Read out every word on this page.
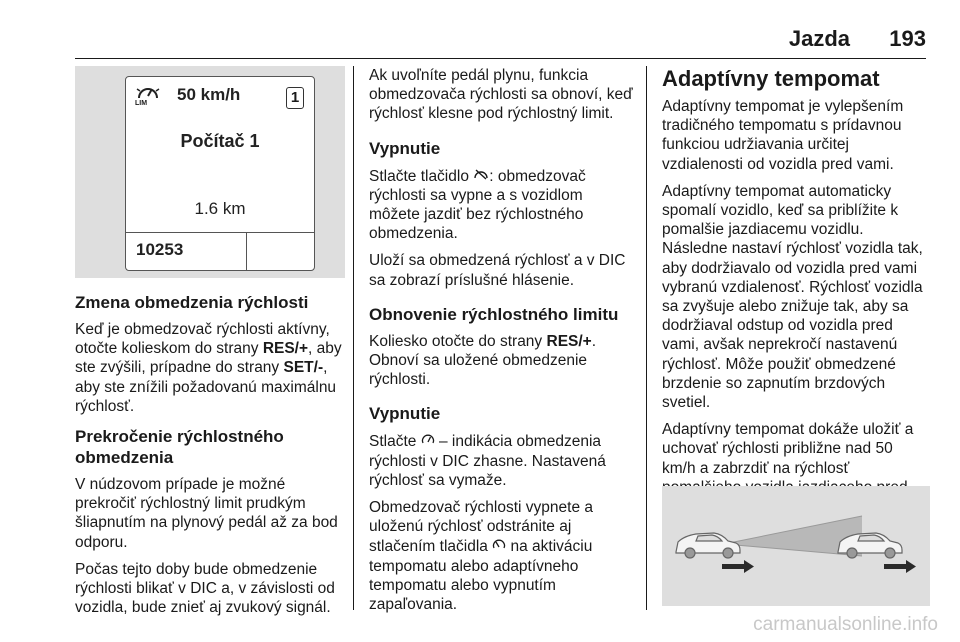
Jazda 193
LIM 50 km/h	1
Počítač 1
1.6 km
10253
Zmena obmedzenia rýchlosti

Keď je obmedzovač rýchlosti aktívny, otočte kolieskom do strany RES/+, aby ste zvýšili, prípadne do strany SET/-, aby ste znížili požadovanú maximálnu rýchlosť.

Prekročenie rýchlostného obmedzenia

V núdzovom prípade je možné prekročiť rýchlostný limit prudkým šliapnutím na plynový pedál až za bod odporu.

Počas tejto doby bude obmedzenie rýchlosti blikať v DIC a, v závislosti od vozidla, bude znieť aj zvukový signál.

Ak uvoľníte pedál plynu, funkcia obmedzovača rýchlosti sa obnoví, keď rýchlosť klesne pod rýchlostný limit.

Vypnutie

Stlačte tlačidlo : obmedzovač rýchlosti sa vypne a s vozidlom môžete jazdiť bez rýchlostného obmedzenia.

Uloží sa obmedzená rýchlosť a v DIC sa zobrazí príslušné hlásenie.

Obnovenie rýchlostného limitu

Koliesko otočte do strany RES/+. Obnoví sa uložené obmedzenie rýchlosti.

Vypnutie

Stlačte  – indikácia obmedzenia rýchlosti v DIC zhasne. Nastavená rýchlosť sa vymaže.

Obmedzovač rýchlosti vypnete a uloženú rýchlosť odstránite aj stlačením tlačidla  na aktiváciu tempomatu alebo adaptívneho tempomatu alebo vypnutím zapaľovania.

Adaptívny tempomat

Adaptívny tempomat je vylepšením tradičného tempomatu s prídavnou funkciou udržiavania určitej vzdialenosti od vozidla pred vami.

Adaptívny tempomat automaticky spomalí vozidlo, keď sa priblížite k pomalšie jazdiacemu vozidlu. Následne nastaví rýchlosť vozidla tak, aby dodržiavalo od vozidla pred vami vybranú vzdialenosť. Rýchlosť vozidla sa zvyšuje alebo znižuje tak, aby sa dodržiaval odstup od vozidla pred vami, avšak neprekročí nastavenú rýchlosť. Môže použiť obmedzené brzdenie so zapnutím brzdových svetiel.

Adaptívny tempomat dokáže uložiť a uchovať rýchlosti približne nad 50 km/h a zabrzdiť na rýchlosť

carmanualsonline.info
